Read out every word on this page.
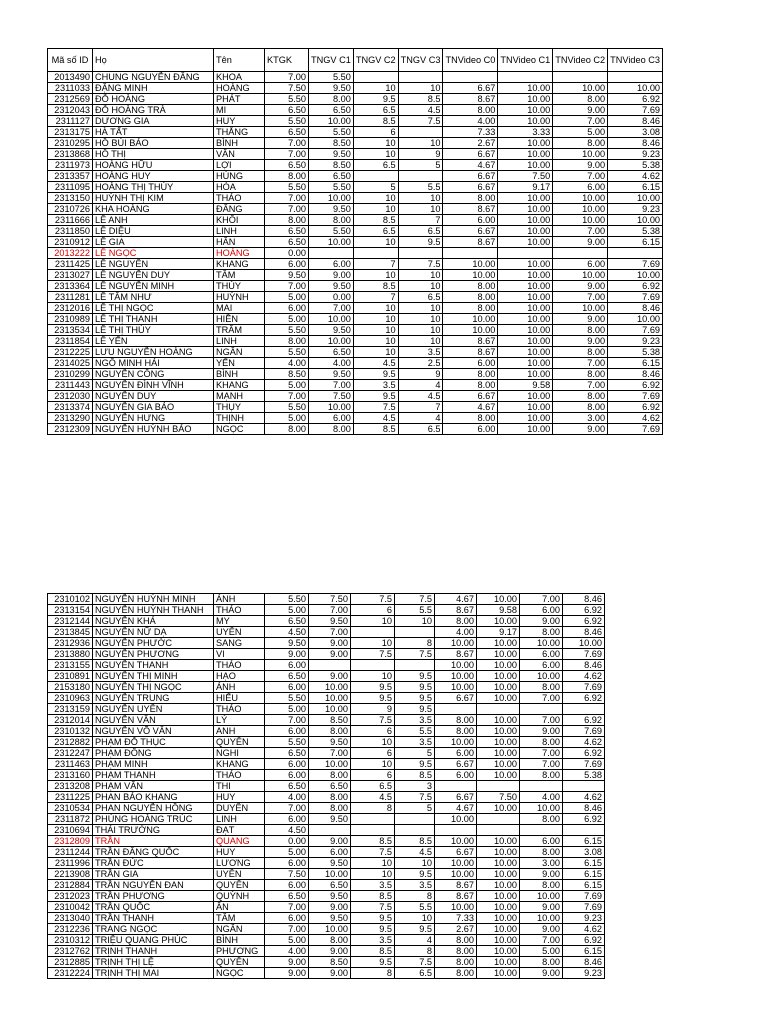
Mã số ID	Họ	Tên	KTGK	TNGV C1	TNGV C2	TNGV C3	TNVideo C0	TNVideo C1	TNVideo C2	TNVideo C3
2013490	CHUNG NGUYỄN ĐĂNG	KHOA	7.00	5.50						
2311033	ĐẶNG MINH	HOÀNG	7.50	9.50	10	10	6.67	10.00	10.00	10.00
2312569	ĐỖ HOÀNG	PHÁT	5.50	8.00	9.5	8.5	8.67	10.00	8.00	6.92
2312043	ĐỖ HOÀNG TRÀ	MI	6.50	6.50	6.5	4.5	8.00	10.00	9.00	7.69
2311127	DƯƠNG GIA	HUY	5.50	10.00	8.5	7.5	4.00	10.00	7.00	8.46
2313175	HÀ TẤT	THẮNG	6.50	5.50	6		7.33	3.33	5.00	3.08
2310295	HỒ BÙI BẢO	BÌNH	7.00	8.50	10	10	2.67	10.00	8.00	8.46
2313868	HỒ THỊ	VÂN	7.00	9.50	10	9	6.67	10.00	10.00	9.23
2311973	HOÀNG HỮU	LỢI	6.50	8.50	6.5	5	4.67	10.00	9.00	5.38
2313357	HOÀNG HUY	HÙNG	8.00	6.50			6.67	7.50	7.00	4.62
2311095	HOÀNG THỊ THÚY	HÒA	5.50	5.50	5	5.5	6.67	9.17	6.00	6.15
2313150	HUỲNH THỊ KIM	THẢO	7.00	10.00	10	10	8.00	10.00	10.00	10.00
2310726	KHA HOÀNG	ĐĂNG	7.00	9.50	10	10	8.67	10.00	10.00	9.23
2311666	LÊ ANH	KHÔI	8.00	8.00	8.5	7	6.00	10.00	10.00	10.00
2311850	LÊ DIỆU	LINH	6.50	5.50	6.5	6.5	6.67	10.00	7.00	5.38
2310912	LÊ GIA	HÂN	6.50	10.00	10	9.5	8.67	10.00	9.00	6.15
2013222	LÊ NGỌC	HOÀNG	0.00							
2311425	LÊ NGUYÊN	KHANG	6.00	6.00	7	7.5	10.00	10.00	6.00	7.69
2313027	LÊ NGUYỄN DUY	TÂM	9.50	9.00	10	10	10.00	10.00	10.00	10.00
2313364	LÊ NGUYỄN MINH	THÙY	7.00	9.50	8.5	10	8.00	10.00	9.00	6.92
2311281	LÊ TÂM NHƯ	HUỲNH	5.00	0.00	7	6.5	8.00	10.00	7.00	7.69
2312016	LÊ THỊ NGỌC	MAI	6.00	7.00	10	10	8.00	10.00	10.00	8.46
2310989	LÊ THỊ THANH	HIỀN	5.00	10.00	10	10	10.00	10.00	9.00	10.00
2313534	LÊ THỊ THÙY	TRÂM	5.50	9.50	10	10	10.00	10.00	8.00	7.69
2311854	LÊ YẾN	LINH	8.00	10.00	10	10	8.67	10.00	9.00	9.23
2312225	LƯU NGUYỄN HOÀNG	NGÂN	5.50	6.50	10	3.5	8.67	10.00	8.00	5.38
2314025	NGÔ MINH HẢI	YẾN	4.00	4.00	4.5	2.5	6.00	10.00	7.00	6.15
2310299	NGUYỄN CÔNG	BÌNH	8.50	9.50	9.5	9	8.00	10.00	8.00	8.46
2311443	NGUYỄN ĐÌNH VĨNH	KHANG	5.00	7.00	3.5	4	8.00	9.58	7.00	6.92
2312030	NGUYỄN DUY	MẠNH	7.00	7.50	9.5	4.5	6.67	10.00	8.00	7.69
2313374	NGUYỄN GIA BẢO	THỤY	5.50	10.00	7.5	7	4.67	10.00	8.00	6.92
2313290	NGUYỄN HƯNG	THỊNH	5.00	6.00	4.5	4	8.00	10.00	3.00	4.62
2312309	NGUYỄN HUỲNH BẢO	NGỌC	8.00	8.00	8.5	6.5	6.00	10.00	9.00	7.69
2310102	NGUYỄN HUỲNH MINH	ÁNH	5.50	7.50	7.5	7.5	4.67	10.00	7.00	8.46
2313154	NGUYỄN HUỲNH THANH	THẢO	5.00	7.00	6	5.5	8.67	9.58	6.00	6.92
2312144	NGUYỄN KHẢ	MY	6.50	9.50	10	10	8.00	10.00	9.00	6.92
2313845	NGUYỄN NỮ DẠ	UYÊN	4.50	7.00			4.00	9.17	8.00	8.46
2312936	NGUYỄN PHƯỚC	SANG	9.50	9.00	10	8	10.00	10.00	10.00	10.00
2313880	NGUYỄN PHƯƠNG	VI	9.00	9.00	7.5	7.5	8.67	10.00	6.00	7.69
2313155	NGUYỄN THANH	THẢO	6.00				10.00	10.00	6.00	8.46
2310891	NGUYỄN THỊ MINH	HẠO	6.50	9.00	10	9.5	10.00	10.00	10.00	4.62
2153180	NGUYỄN THỊ NGỌC	ÁNH	6.00	10.00	9.5	9.5	10.00	10.00	8.00	7.69
2310963	NGUYỄN TRUNG	HIẾU	5.50	10.00	9.5	9.5	6.67	10.00	7.00	6.92
2313159	NGUYỄN UYÊN	THẢO	5.00	10.00	9	9.5				
2312014	NGUYỄN VĂN	LÝ	7.00	8.50	7.5	3.5	8.00	10.00	7.00	6.92
2310132	NGUYỄN VÕ VÂN	ANH	6.00	8.00	6	5.5	8.00	10.00	9.00	7.69
2312882	PHẠM ĐỖ THỤC	QUYÊN	5.50	9.50	10	3.5	10.00	10.00	8.00	4.62
2312247	PHẠM ĐÔNG	NGHI	6.50	7.00	6	5	6.00	10.00	7.00	6.92
2311463	PHẠM MINH	KHANG	6.00	10.00	10	9.5	6.67	10.00	7.00	7.69
2313160	PHẠM THANH	THẢO	6.00	8.00	6	8.5	6.00	10.00	8.00	5.38
2313208	PHẠM VĂN	THI	6.50	6.50	6.5	3				
2311225	PHAN BẢO KHANG	HUY	4.00	8.00	4.5	7.5	6.67	7.50	4.00	4.62
2310534	PHAN NGUYỄN HỒNG	DUYÊN	7.00	8.00	8	5	4.67	10.00	10.00	8.46
2311872	PHÙNG HOÀNG TRÚC	LINH	6.00	9.50			10.00		8.00	6.92
2310694	THÁI TRƯỜNG	ĐẠT	4.50							
2312809	TRẦN	QUANG	0.00	9.00	8.5	8.5	10.00	10.00	6.00	6.15
2311244	TRẦN ĐĂNG QUỐC	HUY	5.00	6.00	7.5	4.5	6.67	10.00	8.00	3.08
2311996	TRẦN ĐỨC	LƯƠNG	6.00	9.50	10	10	10.00	10.00	3.00	6.15
2213908	TRẦN GIA	UYÊN	7.50	10.00	10	9.5	10.00	10.00	9.00	6.15
2312884	TRẦN NGUYỄN ĐAN	QUYÊN	6.00	6.50	3.5	3.5	8.67	10.00	8.00	6.15
2312023	TRẦN PHƯƠNG	QUỲNH	6.50	9.50	8.5	8	8.67	10.00	10.00	7.69
2310042	TRẦN QUỐC	ÂN	7.00	9.00	7.5	5.5	10.00	10.00	9.00	7.69
2313040	TRẦN THANH	TÂM	6.00	9.50	9.5	10	7.33	10.00	10.00	9.23
2312236	TRANG NGỌC	NGÂN	7.00	10.00	9.5	9.5	2.67	10.00	9.00	4.62
2310312	TRIỆU QUANG PHÚC	BÌNH	5.00	8.00	3.5	4	8.00	10.00	7.00	6.92
2312762	TRỊNH THANH	PHƯƠNG	4.00	9.00	8.5	8	8.00	10.00	5.00	6.15
2312885	TRỊNH THỊ LỆ	QUYÊN	9.00	8.50	9.5	7.5	8.00	10.00	8.00	8.46
2312224	TRỊNH THỊ MAI	NGỌC	9.00	9.00	8	6.5	8.00	10.00	9.00	9.23
